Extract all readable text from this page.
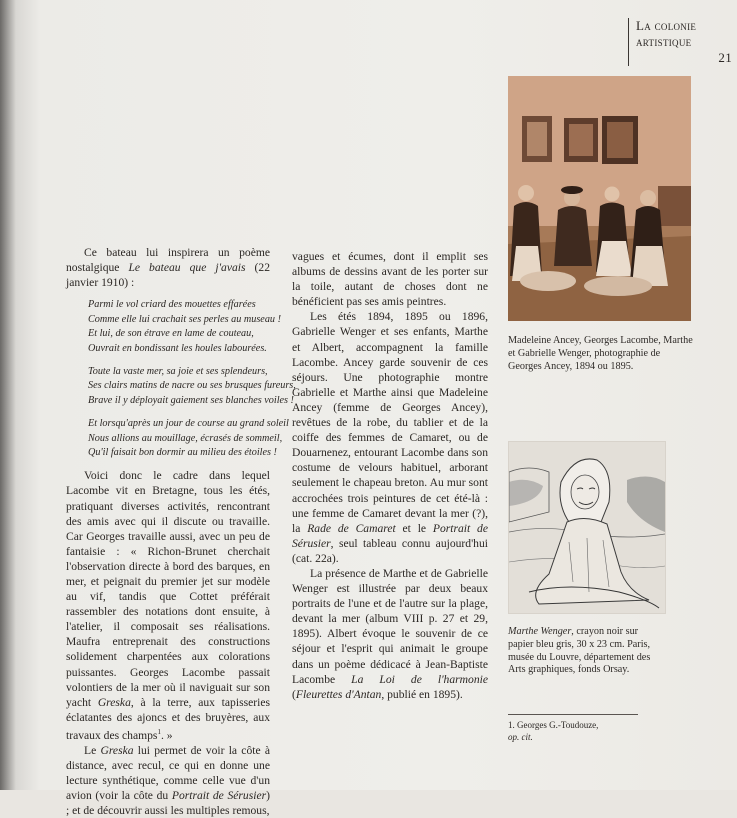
La colonie
artistique
21

Ce bateau lui inspirera un poème nostalgique Le bateau que j'avais (22 janvier 1910) :

Parmi le vol criard des mouettes effarées
Comme elle lui crachait ses perles au museau !
Et lui, de son étrave en lame de couteau,
Ouvrait en bondissant les houles labourées.
Toute la vaste mer, sa joie et ses splendeurs,
Ses clairs matins de nacre ou ses brusques fureurs,
Brave il y déployait gaiement ses blanches voiles !
Et lorsqu'après un jour de course au grand soleil
Nous allions au mouillage, écrasés de sommeil,
Qu'il faisait bon dormir au milieu des étoiles !

Voici donc le cadre dans lequel Lacombe vit en Bretagne, tous les étés, pratiquant diverses activités, rencontrant des amis avec qui il discute ou travaille. Car Georges travaille aussi, avec un peu de fantaisie : « Richon-Brunet cherchait l'observation directe à bord des barques, en mer, et peignait du premier jet sur modèle au vif, tandis que Cottet préférait rassembler des notations dont ensuite, à l'atelier, il composait ses réalisations. Maufra entreprenait des constructions solidement charpentées aux colorations puissantes. Georges Lacombe passait volontiers de la mer où il naviguait sur son yacht Greska, à la terre, aux tapisseries éclatantes des ajoncs et des bruyères, aux travaux des champs$^1$. »

Le Greska lui permet de voir la côte à distance, avec recul, ce qui en donne une lecture synthétique, comme celle vue d'un avion (voir la côte du Portrait de Sérusier) ; et de découvrir aussi les multiples remous,

vagues et écumes, dont il emplit ses albums de dessins avant de les porter sur la toile, autant de choses dont ne bénéficient pas ses amis peintres.

Les étés 1894, 1895 ou 1896, Gabrielle Wenger et ses enfants, Marthe et Albert, accompagnent la famille Lacombe. Ancey garde souvenir de ces séjours. Une photographie montre Gabrielle et Marthe ainsi que Madeleine Ancey (femme de Georges Ancey), revêtues de la robe, du tablier et de la coiffe des femmes de Camaret, ou de Douarnenez, entourant Lacombe dans son costume de velours habituel, arborant seulement le chapeau breton. Au mur sont accrochées trois peintures de cet été-là : une femme de Camaret devant la mer (?), la Rade de Camaret et le Portrait de Sérusier, seul tableau connu aujourd'hui (cat. 22a).

La présence de Marthe et de Gabrielle Wenger est illustrée par deux beaux portraits de l'une et de l'autre sur la plage, devant la mer (album VIII p. 27 et 29, 1895). Albert évoque le souvenir de ce séjour et l'esprit qui animait le groupe dans un poème dédicacé à Jean-Baptiste Lacombe La Loi de l'harmonie (Fleurettes d'Antan, publié en 1895).

Madeleine Ancey, Georges Lacombe, Marthe et Gabrielle Wenger, photographie de Georges Ancey, 1894 ou 1895.
Marthe Wenger, crayon noir sur papier bleu gris, 30 x 23 cm. Paris, musée du Louvre, département des Arts graphiques, fonds Orsay.
1. Georges G.-Toudouze,
op. cit.
